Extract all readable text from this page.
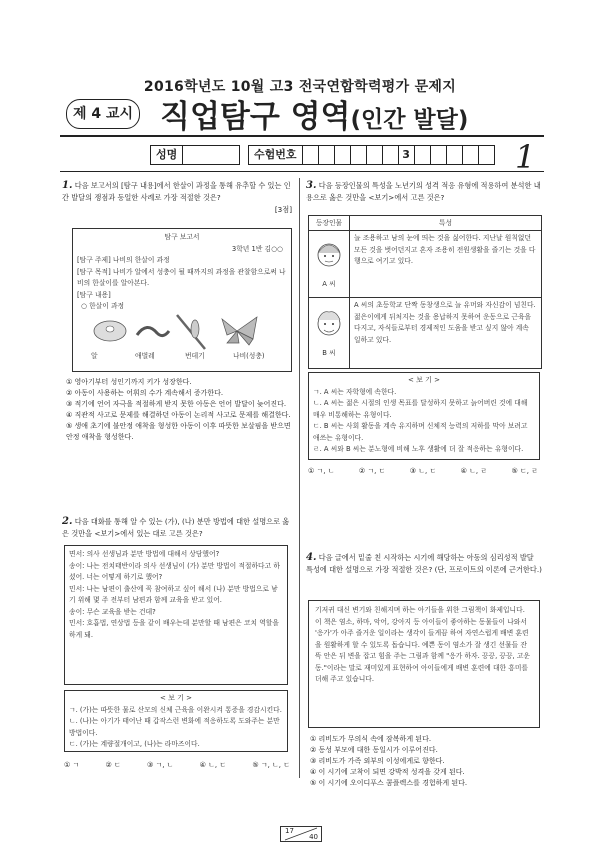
2016학년도 10월 고3 전국연합학력평가 문제지
제 4 교시 직업탐구 영역(인간 발달)
성명	수험번호	3	1
1. 다음 보고서의 [탐구 내용]에서 한살이 과정을 통해 유추할 수 있는 인간 발달의 쟁점과 동일한 사례로 가장 적절한 것은?
[3점]
탐구 보고서
3학년 1반 김○○
[탐구 주제] 나비의 한살이 과정
[탐구 목적] 나비가 알에서 성충이 될 때까지의 과정을 관찰함으로써 나비의 한살이를 알아본다.
[탐구 내용]
○ 한살이 과정
알	애벌레	번데기	나비(성충)
① 영아기부터 성인기까지 키가 성장한다.
② 아동이 사용하는 어휘의 수가 계속해서 증가한다.
③ 적기에 언어 자극을 적절하게 받지 못한 아동은 언어 발달이 늦어진다.
④ 직관적 사고로 문제를 해결하던 아동이 논리적 사고로 문제를 해결한다.
⑤ 생애 초기에 불안정 애착을 형성한 아동이 이후 따뜻한 보살핌을 받으면 안정 애착을 형성한다.
2. 다음 대화를 통해 알 수 있는 (가), (나) 분만 방법에 대한 설명으로 옳은 것만을 <보기>에서 있는 대로 고른 것은?
면서: 의사 선생님과 분만 방법에 대해서 상담했어?
송이: 나는 전치태반이라 의사 선생님이 (가) 분만 방법이 적절하다고 하셨어. 너는 어떻게 하기로 했어?
민서: 나는 남편이 출산에 꼭 참여하고 싶어 해서 (나) 분만 방법으로 낳기 위해 몇 주 전부터 남편과 함께 교육을 받고 있어.
송이: 무슨 교육을 받는 건데?
민서: 호흡법, 연상법 등을 같이 배우는데 분만할 때 남편은 코치 역할을 하게 돼.
< 보 기 >
ㄱ. (가)는 따뜻한 물로 산모의 신체 근육을 이완시켜 통증을 경감시킨다.
ㄴ. (나)는 아기가 태어난 때 갑작스런 변화에 적응하도록 도와주는 분만 방법이다.
ㄷ. (가)는 계량절개이고, (나)는 라마즈이다.
① ㄱ	② ㄷ	③ ㄱ, ㄴ	④ ㄴ, ㄷ	⑤ ㄱ, ㄴ, ㄷ
3. 다음 등장인물의 특성을 노년기의 성격 적응 유형에 적용하여 분석한 내용으로 옳은 것만을 <보기>에서 고른 것은?
등장인물	특성
A 씨
늘 조용하고 남의 눈에 띄는 것을 싫어한다. 지난날 원칙없던 모든 것을 벗어던지고 혼자 조용히 전원생활을 즐기는 것을 다행으로 여기고 있다.
B 씨
A 씨의 초등학교 단짝 동창생으로 늘 유머와 자신감이 넘친다. 젊은이에게 뒤처지는 것을 용납하지 못하여 운동으로 근육을 다지고, 자식들로부터 경제적인 도움을 받고 싶지 않아 계속 일하고 있다.
< 보 기 >
ㄱ. A 씨는 자학형에 속한다.
ㄴ. A 씨는 젊은 시절의 인생 목표를 달성하지 못하고 늙어버린 것에 대해 매우 비통해하는 유형이다.
ㄷ. B 씨는 사회 활동을 계속 유지하며 신체적 능력의 저하를 막아 보려고 애쓰는 유형이다.
ㄹ. A 씨와 B 씨는 분노형에 비해 노후 생활에 더 잘 적응하는 유형이다.
① ㄱ, ㄴ	② ㄱ, ㄷ	③ ㄴ, ㄷ	④ ㄴ, ㄹ	⑤ ㄷ, ㄹ
4. 다음 글에서 밑줄 친 시작하는 시기에 해당하는 아동의 심리성적 발달 특성에 대한 설명으로 가장 적절한 것은? (단, 프로이트의 이론에 근거한다.)
기저귀 대신 변기와 친해지며 하는 아기들을 위한 그림책이 화제입니다. 이 책은 염소, 하마, 악어, 강아지 등 아이들이 좋아하는 동물들이 나와서 '응가'가 아주 즐거운 일이라는 생각이 들게끔 하여 자연스럽게 배변 훈련을 원활하게 할 수 있도록 돕습니다. 예쁜 동이 염소가 잘 생긴 선물들 잔뜩 안은 뒤 변을 잡고 힘을 주는 그림과 함께 "응가 하자. 끙끙, 끙끙, 고운동."이라는 말로 재미있게 표현하여 아이들에게 배변 훈련에 대한 흥미를 더해 주고 있습니다.
① 리비도가 무의식 속에 잠복하게 된다.
② 동성 부모에 대한 동일시가 이루어진다.
③ 리비도가 가족 외부의 이성에게로 향한다.
④ 이 시기에 고착이 되면 강박적 성격을 갖게 된다.
⑤ 이 시기에 오이디푸스 콤플렉스를 경험하게 된다.
17
40
